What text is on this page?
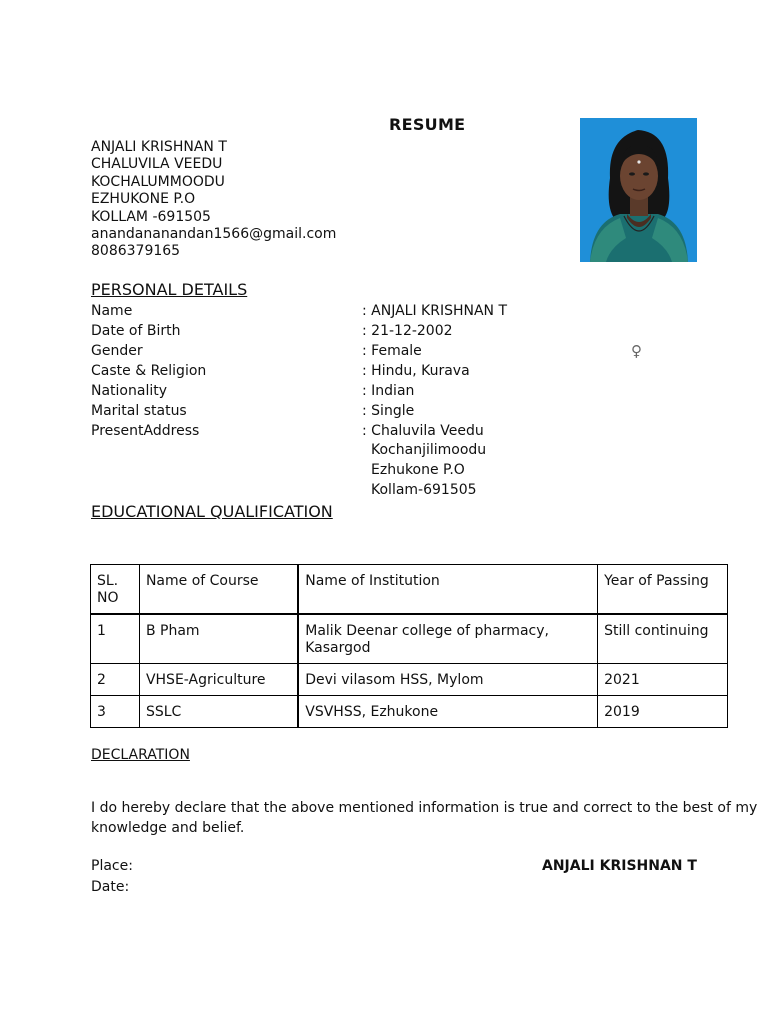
RESUME
ANJALI KRISHNAN T
CHALUVILA VEEDU
KOCHALUMMOODU
EZHUKONE P.O
KOLLAM -691505
anandananandan1566@gmail.com
8086379165
PERSONAL DETAILS
Name	: ANJALI KRISHNAN T
Date of Birth	: 21-12-2002
Gender	: Female
Caste & Religion	: Hindu, Kurava
Nationality	: Indian
Marital status	: Single
PresentAddress	: Chaluvila Veedu
Kochanjilimoodu
Ezhukone P.O
Kollam-691505
♀
EDUCATIONAL QUALIFICATION
SL. NO	Name of Course	Name of Institution	Year of Passing
1	B Pham	Malik Deenar college of pharmacy, Kasargod	Still continuing
2	VHSE-Agriculture	Devi vilasom HSS, Mylom	2021
3	SSLC	VSVHSS, Ezhukone	2019
DECLARATION
I do hereby declare that the above mentioned information is true and correct to the best of my knowledge and belief.
Place:
Date:
ANJALI KRISHNAN T
